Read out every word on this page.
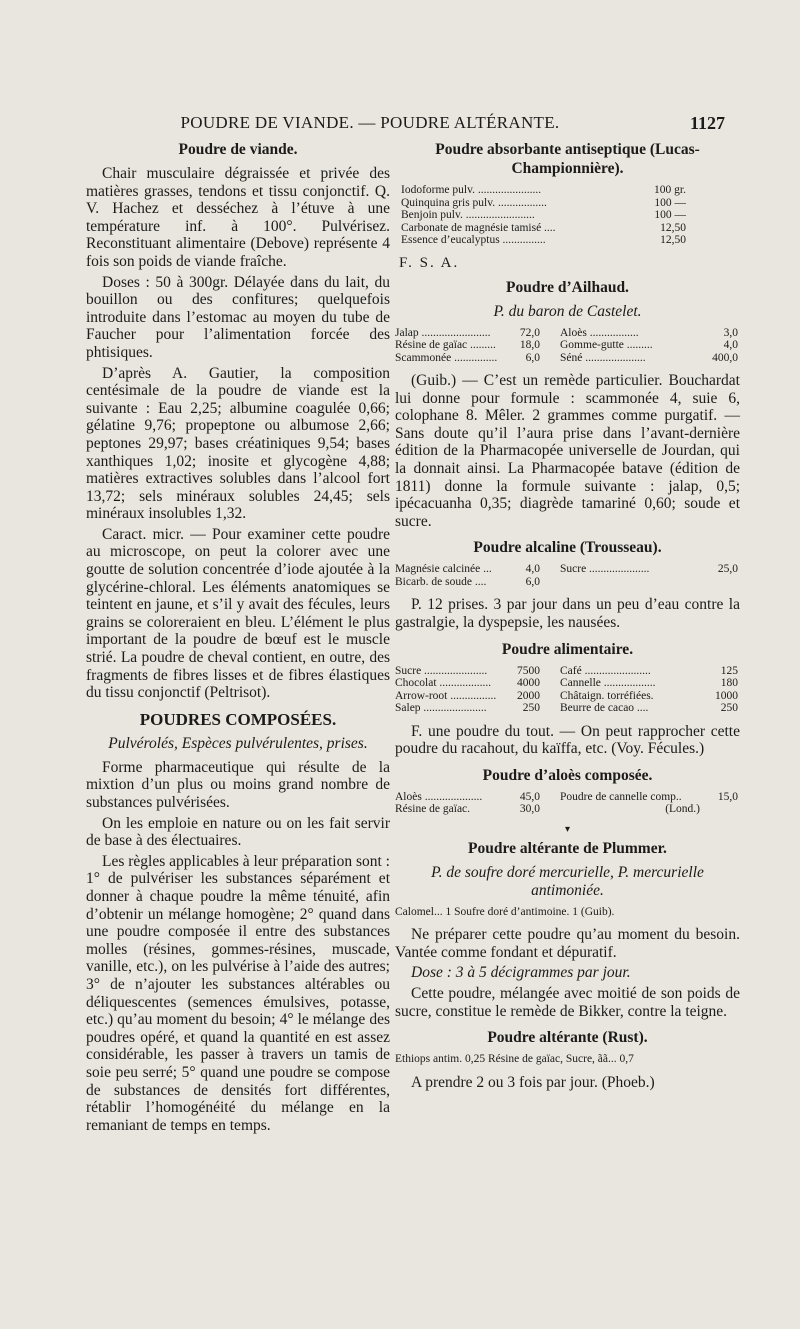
POUDRE DE VIANDE. — POUDRE ALTÉRANTE.	1127
Poudre de viande.

Chair musculaire dégraissée et privée des matières grasses, tendons et tissu conjonctif. Q. V. Hachez et desséchez à l’étuve à une température inf. à 100°. Pulvérisez. Reconstituant alimentaire (Debove) représente 4 fois son poids de viande fraîche.

Doses : 50 à 300gr. Délayée dans du lait, du bouillon ou des confitures; quelquefois introduite dans l’estomac au moyen du tube de Faucher pour l’alimentation forcée des phtisiques.

D’après A. Gautier, la composition centésimale de la poudre de viande est la suivante : Eau 2,25; albumine coagulée 0,66; gélatine 9,76; propeptone ou albumose 2,66; peptones 29,97; bases créatiniques 9,54; bases xanthiques 1,02; inosite et glycogène 4,88; matières extractives solubles dans l’alcool fort 13,72; sels minéraux solubles 24,45; sels minéraux insolubles 1,32.

Caract. micr. — Pour examiner cette poudre au microscope, on peut la colorer avec une goutte de solution concentrée d’iode ajoutée à la glycérine-chloral. Les éléments anatomiques se teintent en jaune, et s’il y avait des fécules, leurs grains se coloreraient en bleu. L’élément le plus important de la poudre de bœuf est le muscle strié. La poudre de cheval contient, en outre, des fragments de fibres lisses et de fibres élastiques du tissu conjonctif (Peltrisot).

POUDRES COMPOSÉES.
Pulvérolés, Espèces pulvérulentes, prises.

Forme pharmaceutique qui résulte de la mixtion d’un plus ou moins grand nombre de substances pulvérisées.

On les emploie en nature ou on les fait servir de base à des électuaires.

Les règles applicables à leur préparation sont : 1° de pulvériser les substances séparément et donner à chaque poudre la même ténuité, afin d’obtenir un mélange homogène; 2° quand dans une poudre composée il entre des substances molles (résines, gommes-résines, muscade, vanille, etc.), on les pulvérise à l’aide des autres; 3° de n’ajouter les substances altérables ou déliquescentes (semences émulsives, potasse, etc.) qu’au moment du besoin; 4° le mélange des poudres opéré, et quand la quantité en est assez considérable, les passer à travers un tamis de soie peu serré; 5° quand une poudre se compose de substances de densités fort différentes, rétablir l’homogénéité du mélange en la remaniant de temps en temps.

Poudre absorbante antiseptique (Lucas-Championnière).
Iodoforme pulv. ......................	100 gr.
Quinquina gris pulv. .................	100 —
Benjoin pulv. ........................	100 —
Carbonate de magnésie tamisé ....	12,50
Essence d’eucalyptus ...............	12,50
F. S. A.
Poudre d’Ailhaud.
P. du baron de Castelet.
Jalap ........................	72,0 Aloès .................	3,0
Résine de gaïac .........	18,0 Gomme-gutte .........	4,0
Scammonée ...............	6,0 Séné .....................	400,0

(Guib.) — C’est un remède particulier. Bouchardat lui donne pour formule : scammonée 4, suie 6, colophane 8. Mêler. 2 grammes comme purgatif. — Sans doute qu’il l’aura prise dans l’avant-dernière édition de la Pharmacopée universelle de Jourdan, qui la donnait ainsi. La Pharmacopée batave (édition de 1811) donne la formule suivante : jalap, 0,5; ipécacuanha 0,35; diagrède tamariné 0,60; soude et sucre.

Poudre alcaline (Trousseau).
Magnésie calcinée ...	4,0 Sucre .....................	25,0
Bicarb. de soude ....	6,0

P. 12 prises. 3 par jour dans un peu d’eau contre la gastralgie, la dyspepsie, les nausées.

Poudre alimentaire.
Sucre ......................	7500 Café .......................	125
Chocolat ..................	4000 Cannelle ..................	180
Arrow-root ................	2000 Châtaign. torréfiées.	1000
Salep ......................	250 Beurre de cacao ....	250

F. une poudre du tout. — On peut rapprocher cette poudre du racahout, du kaïffa, etc. (Voy. Fécules.)

Poudre d’aloès composée.
Aloès ....................	45,0 Poudre de cannelle comp..	15,0
Résine de gaïac.	30,0	(Lond.)
▾
Poudre altérante de Plummer.
P. de soufre doré mercurielle, P. mercurielle antimoniée.
Calomel... 1 Soufre doré d’antimoine. 1 (Guib).

Ne préparer cette poudre qu’au moment du besoin. Vantée comme fondant et dépuratif.

Dose : 3 à 5 décigrammes par jour.

Cette poudre, mélangée avec moitié de son poids de sucre, constitue le remède de Bikker, contre la teigne.

Poudre altérante (Rust).
Ethiops antim. 0,25 Résine de gaïac, Sucre, ãã... 0,7

A prendre 2 ou 3 fois par jour. (Phoeb.)
